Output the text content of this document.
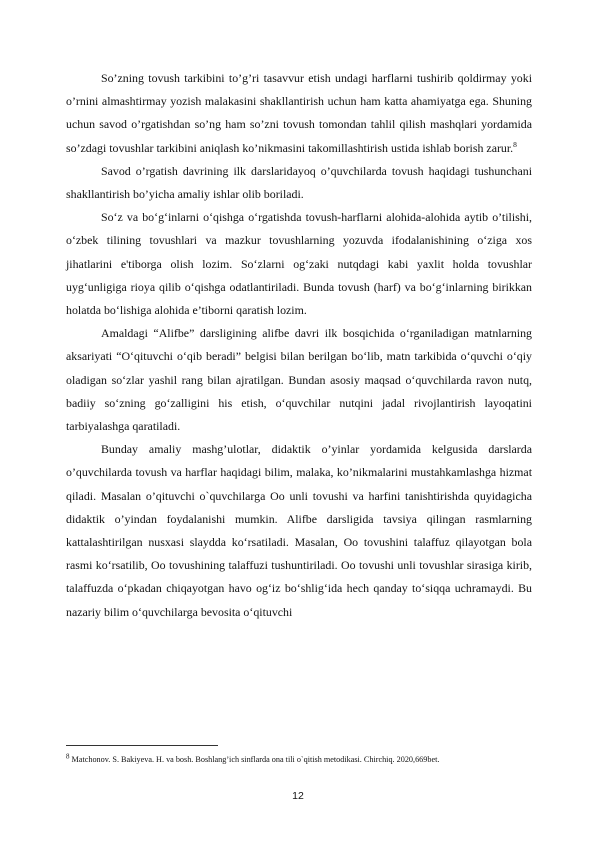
So’zning tovush tarkibini to’g’ri tasavvur etish undagi harflarni tushirib qoldirmay yoki o’rnini almashtirmay yozish malakasini shakllantirish uchun ham katta ahamiyatga ega. Shuning uchun savod o’rgatishdan so’ng ham so’zni tovush tomondan tahlil qilish mashqlari yordamida so’zdagi tovushlar tarkibini aniqlash ko’nikmasini takomillashtirish ustida ishlab borish zarur.$^8$

Savod o’rgatish davrining ilk darslaridayoq o’quvchilarda tovush haqidagi tushunchani shakllantirish bo’yicha amaliy ishlar olib boriladi.

So‘z va bo‘g‘inlarni o‘qishga o‘rgatishda tovush-harflarni alohida-alohida aytib o’tilishi, o‘zbek tilining tovushlari va mazkur tovushlarning yozuvda ifodalanishining o‘ziga xos jihatlarini e'tiborga olish lozim. So‘zlarni og‘zaki nutqdagi kabi yaxlit holda tovushlar uyg‘unligiga rioya qilib o‘qishga odatlantiriladi. Bunda tovush (harf) va bo‘g‘inlarning birikkan holatda bo‘lishiga alohida e’tiborni qaratish lozim.

Amaldagi “Alifbe” darsligining alifbe davri ilk bosqichida o‘rganiladigan matnlarning aksariyati “O‘qituvchi o‘qib beradi” belgisi bilan berilgan bo‘lib, matn tarkibida o‘quvchi o‘qiy oladigan so‘zlar yashil rang bilan ajratilgan. Bundan asosiy maqsad o‘quvchilarda ravon nutq, badiiy so‘zning go‘zalligini his etish, o‘quvchilar nutqini jadal rivojlantirish layoqatini tarbiyalashga qaratiladi.

Bunday amaliy mashg’ulotlar, didaktik o’yinlar yordamida kelgusida darslarda o’quvchilarda tovush va harflar haqidagi bilim, malaka, ko’nikmalarini mustahkamlashga hizmat qiladi. Masalan o’qituvchi o`quvchilarga Oo unli tovushi va harfini tanishtirishda quyidagicha didaktik o’yindan foydalanishi mumkin. Alifbe darsligida tavsiya qilingan rasmlarning kattalashtirilgan nusxasi slaydda ko‘rsatiladi. Masalan, Oo tovushini talaffuz qilayotgan bola rasmi ko‘rsatilib, Oo tovushining talaffuzi tushuntiriladi. Oo tovushi unli tovushlar sirasiga kirib, talaffuzda o‘pkadan chiqayotgan havo og‘iz bo‘shlig‘ida hech qanday to‘siqqa uchramaydi. Bu nazariy bilim o‘quvchilarga bevosita o‘qituvchi

8 Matchonov. S. Bakiyeva. H. va bosh. Boshlang’ich sinflarda ona tili o`qitish metodikasi. Chirchiq. 2020,669bet.
12
